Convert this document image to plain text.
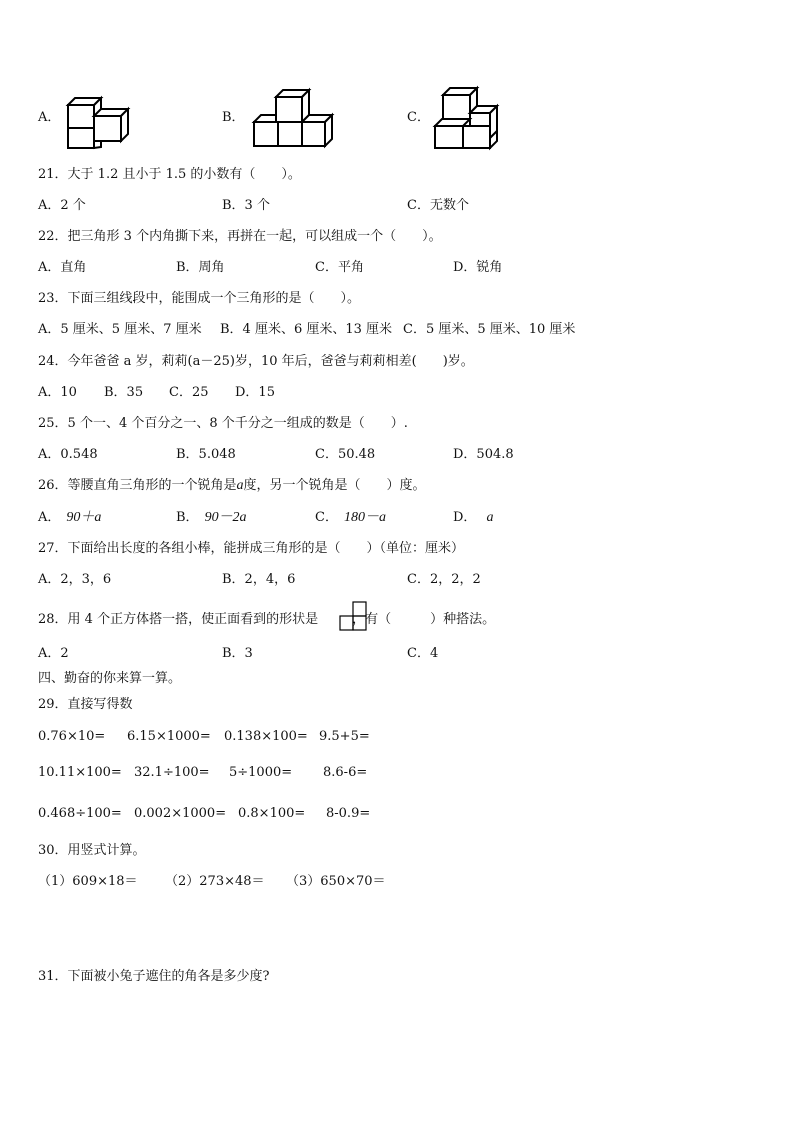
A．	B．	C．
21．大于 1.2 且小于 1.5 的小数有（　　）。
A．2 个	B．3 个	C．无数个
22．把三角形 3 个内角撕下来，再拼在一起，可以组成一个（　　）。
A．直角	B．周角	C．平角	D．锐角
23．下面三组线段中，能围成一个三角形的是（　　）。
A．5 厘米、5 厘米、7 厘米 B．4 厘米、6 厘米、13 厘米 C．5 厘米、5 厘米、10 厘米
24．今年爸爸 a 岁，莉莉(a－25)岁，10 年后，爸爸与莉莉相差(　　)岁。
A．10 B．35 C．25 D．15
25．5 个一、4 个百分之一、8 个千分之一组成的数是（　　）.
A．0.548	B．5.048	C．50.48	D．504.8
26．等腰直角三角形的一个锐角是a度，另一个锐角是（　　）度。
A． 90＋a	B． 90－2a	C． 180－a	D． a
27．下面给出长度的各组小棒，能拼成三角形的是（　　）（单位：厘米）
A．2，3，6	B．2，4，6	C．2，2，2
28．用 4 个正方体搭一搭，使正面看到的形状是	，有（　　　）种搭法。
A．2	B．3	C．4
四、勤奋的你来算一算。
29．直接写得数
0.76×10= 6.15×1000= 0.138×100= 9.5+5=
10.11×100= 32.1÷100= 5÷1000= 8.6-6=
0.468÷100= 0.002×1000= 0.8×100= 8-0.9=
30．用竖式计算。
（1）609×18＝ （2）273×48＝ （3）650×70＝
31．下面被小兔子遮住的角各是多少度?
